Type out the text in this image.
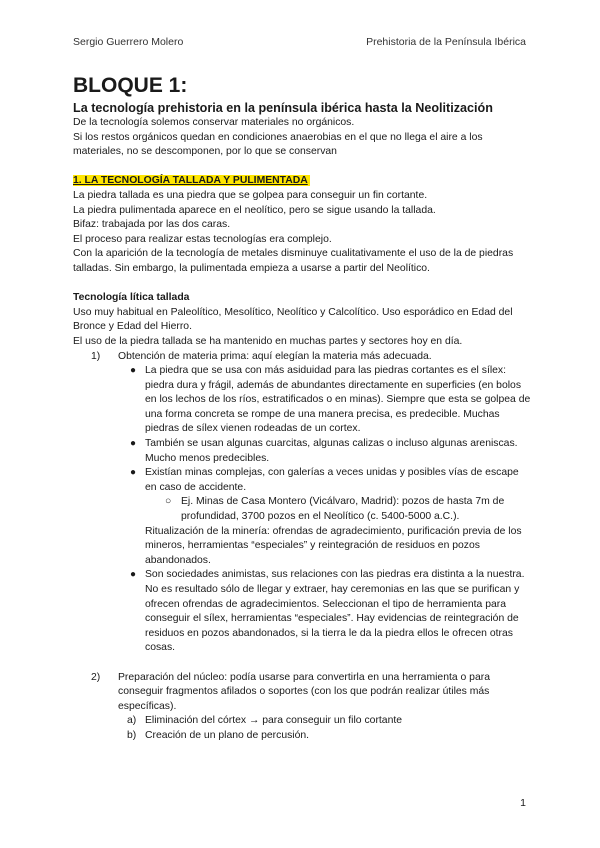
Sergio Guerrero Molero	Prehistoria de la Península Ibérica
BLOQUE 1:
La tecnología prehistoria en la península ibérica hasta la Neolitización

De la tecnología solemos conservar materiales no orgánicos.

Si los restos orgánicos quedan en condiciones anaerobias en el que no llega el aire a los materiales, no se descomponen, por lo que se conservan

1. LA TECNOLOGÍA TALLADA Y PULIMENTADA

La piedra tallada es una piedra que se golpea para conseguir un fin cortante.

La piedra pulimentada aparece en el neolítico, pero se sigue usando la tallada.

Bifaz: trabajada por las dos caras.

El proceso para realizar estas tecnologías era complejo.

Con la aparición de la tecnología de metales disminuye cualitativamente el uso de la de piedras talladas. Sin embargo, la pulimentada empieza a usarse a partir del Neolítico.

Tecnología lítica tallada

Uso muy habitual en Paleolítico, Mesolítico, Neolítico y Calcolítico. Uso esporádico en Edad del Bronce y Edad del Hierro.

El uso de la piedra tallada se ha mantenido en muchas partes y sectores hoy en día.

1) Obtención de materia prima: aquí elegían la materia más adecuada.
● La piedra que se usa con más asiduidad para las piedras cortantes es el sílex: piedra dura y frágil, además de abundantes directamente en superficies (en bolos en los lechos de los ríos, estratificados o en minas). Siempre que esta se golpea de una forma concreta se rompe de una manera precisa, es predecible. Muchas piedras de sílex vienen rodeadas de un cortex.
● También se usan algunas cuarcitas, algunas calizas o incluso algunas areniscas. Mucho menos predecibles.
● Existían minas complejas, con galerías a veces unidas y posibles vías de escape en caso de accidente.
○ Ej. Minas de Casa Montero (Vicálvaro, Madrid): pozos de hasta 7m de profundidad, 3700 pozos en el Neolítico (c. 5400-5000 a.C.).

Ritualización de la minería: ofrendas de agradecimiento, purificación previa de los mineros, herramientas “especiales” y reintegración de residuos en pozos abandonados.

● Son sociedades animistas, sus relaciones con las piedras era distinta a la nuestra. No es resultado sólo de llegar y extraer, hay ceremonias en las que se purifican y ofrecen ofrendas de agradecimientos. Seleccionan el tipo de herramienta para conseguir el sílex, herramientas “especiales”. Hay evidencias de reintegración de residuos en pozos abandonados, si la tierra le da la piedra ellos le ofrecen otras cosas.
2) Preparación del núcleo: podía usarse para convertirla en una herramienta o para conseguir fragmentos afilados o soportes (con los que podrán realizar útiles más específicas).
a) Eliminación del córtex → para conseguir un filo cortante
b) Creación de un plano de percusión.
1
